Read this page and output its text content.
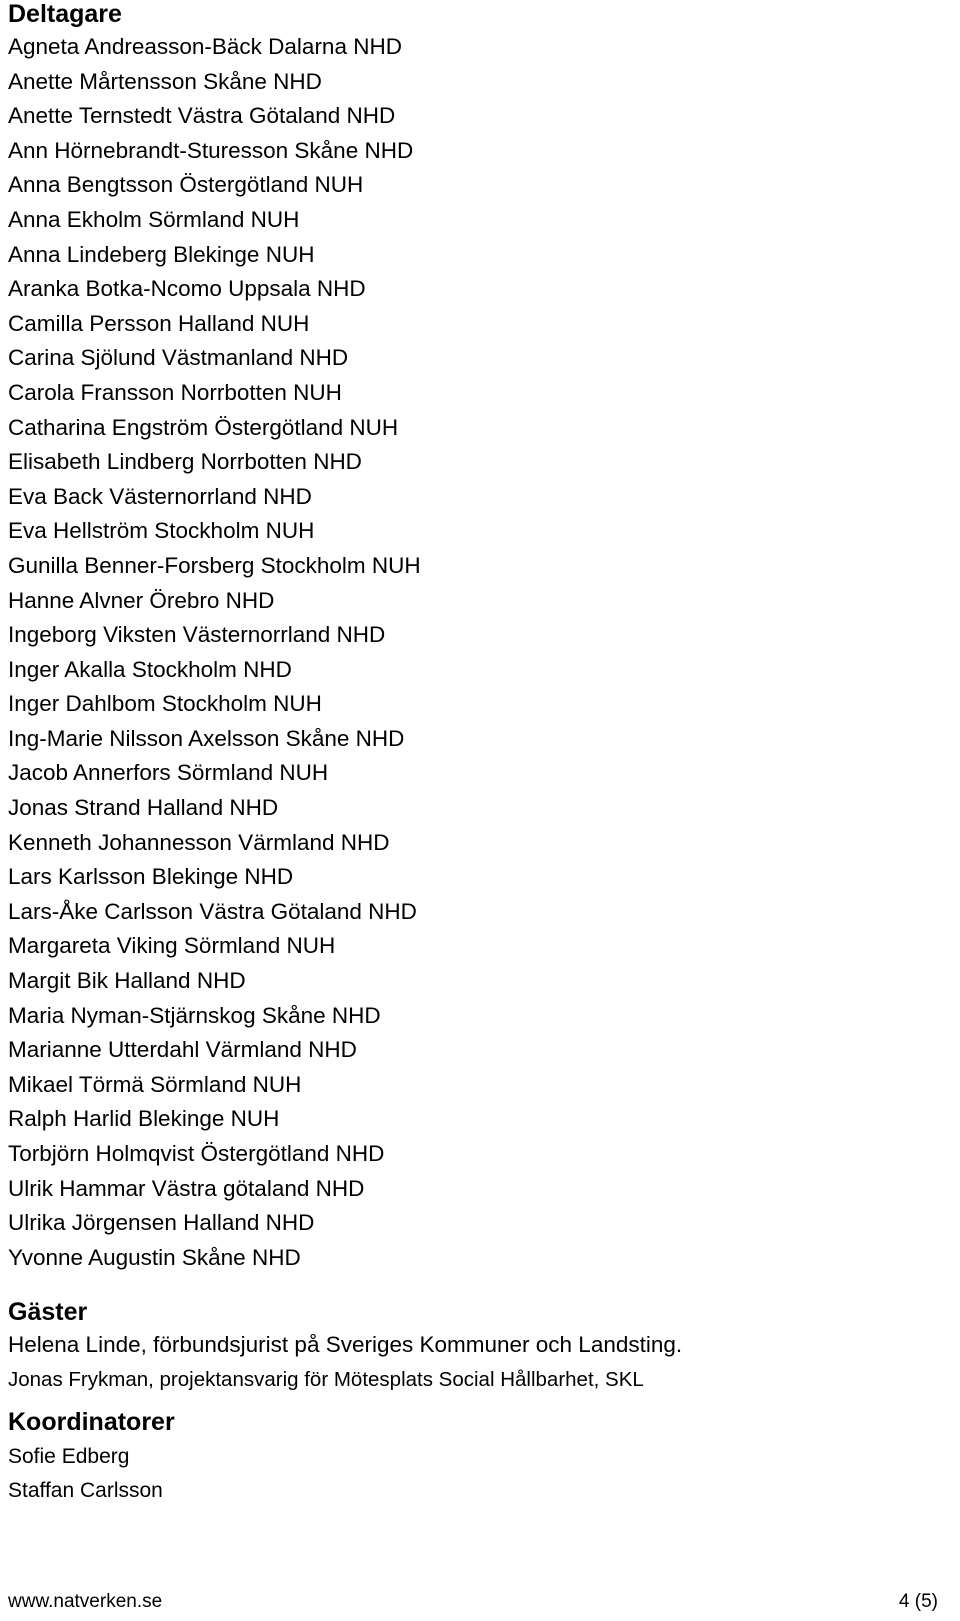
Deltagare
Agneta Andreasson-Bäck Dalarna NHD
Anette Mårtensson Skåne NHD
Anette Ternstedt Västra Götaland NHD
Ann Hörnebrandt-Sturesson Skåne NHD
Anna Bengtsson Östergötland NUH
Anna Ekholm Sörmland NUH
Anna Lindeberg Blekinge NUH
Aranka Botka-Ncomo Uppsala NHD
Camilla Persson Halland NUH
Carina Sjölund Västmanland NHD
Carola Fransson Norrbotten NUH
Catharina Engström Östergötland NUH
Elisabeth Lindberg Norrbotten NHD
Eva Back Västernorrland NHD
Eva Hellström Stockholm NUH
Gunilla Benner-Forsberg Stockholm NUH
Hanne Alvner Örebro NHD
Ingeborg Viksten Västernorrland NHD
Inger Akalla Stockholm NHD
Inger Dahlbom Stockholm NUH
Ing-Marie Nilsson Axelsson Skåne NHD
Jacob Annerfors Sörmland NUH
Jonas Strand Halland NHD
Kenneth Johannesson Värmland NHD
Lars Karlsson Blekinge NHD
Lars-Åke Carlsson Västra Götaland NHD
Margareta Viking Sörmland NUH
Margit Bik Halland NHD
Maria Nyman-Stjärnskog Skåne NHD
Marianne Utterdahl Värmland NHD
Mikael Törmä Sörmland NUH
Ralph Harlid Blekinge NUH
Torbjörn Holmqvist Östergötland NHD
Ulrik Hammar Västra götaland NHD
Ulrika Jörgensen Halland NHD
Yvonne Augustin Skåne NHD
Gäster
Helena Linde, förbundsjurist på Sveriges Kommuner och Landsting.
Jonas Frykman, projektansvarig för Mötesplats Social Hållbarhet, SKL
Koordinatorer
Sofie Edberg
Staffan Carlsson
www.natverken.se	4 (5)
